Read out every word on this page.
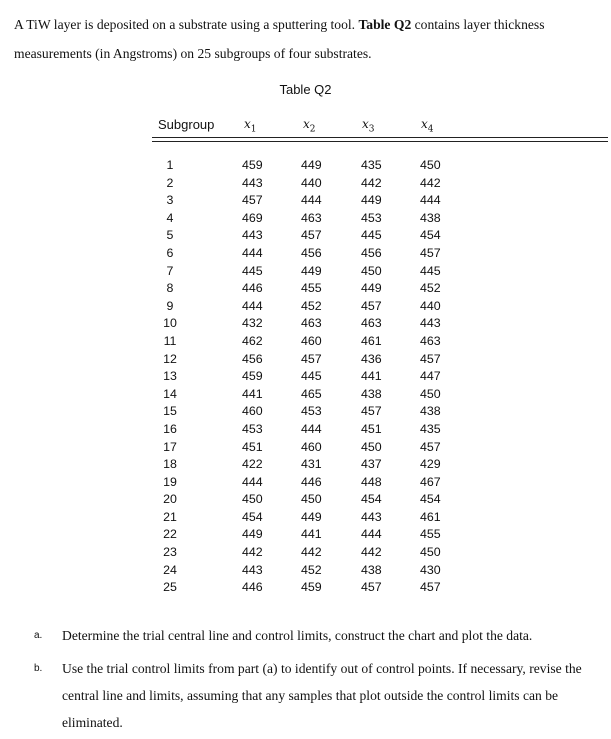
A TiW layer is deposited on a substrate using a sputtering tool. Table Q2 contains layer thickness measurements (in Angstroms) on 25 subgroups of four substrates.
Table Q2
Subgroup $x_1$	$x_2$	$x_3$	$x_4$
1	459	449	435	450
2	443	440	442	442
3	457	444	449	444
4	469	463	453	438
5	443	457	445	454
6	444	456	456	457
7	445	449	450	445
8	446	455	449	452
9	444	452	457	440
10	432	463	463	443
11	462	460	461	463
12	456	457	436	457
13	459	445	441	447
14	441	465	438	450
15	460	453	457	438
16	453	444	451	435
17	451	460	450	457
18	422	431	437	429
19	444	446	448	467
20	450	450	454	454
21	454	449	443	461
22	449	441	444	455
23	442	442	442	450
24	443	452	438	430
25	446	459	457	457
a. Determine the trial central line and control limits, construct the chart and plot the data.
b. Use the trial control limits from part (a) to identify out of control points. If necessary, revise the central line and limits, assuming that any samples that plot outside the control limits can be eliminated.
